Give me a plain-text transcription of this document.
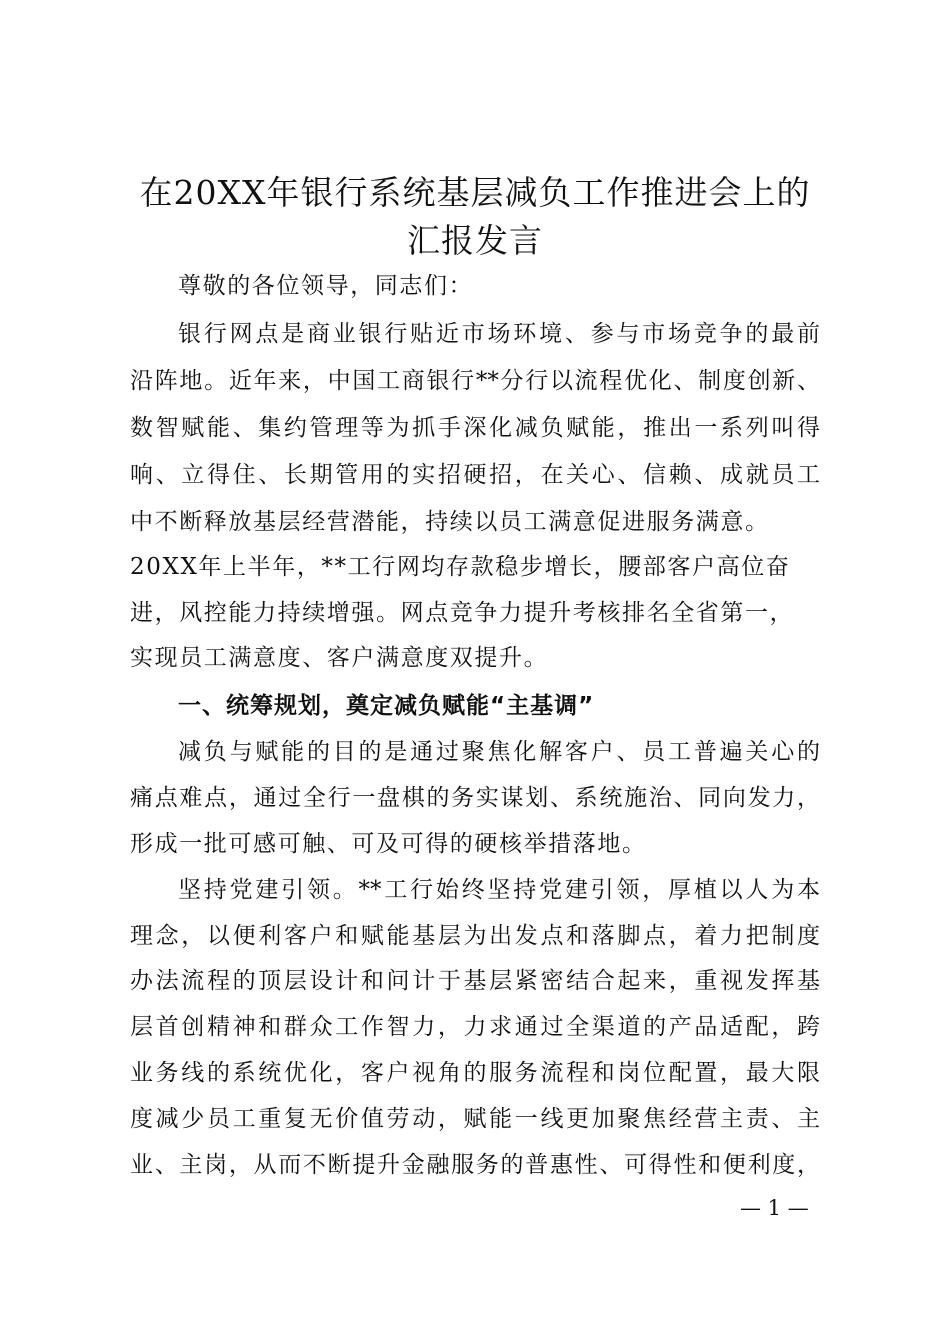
在20XX年银行系统基层减负工作推进会上的
汇报发言
尊敬的各位领导，同志们：
银行网点是商业银行贴近市场环境、参与市场竞争的最前
沿阵地。近年来，中国工商银行**分行以流程优化、制度创新、
数智赋能、集约管理等为抓手深化减负赋能，推出一系列叫得
响、立得住、长期管用的实招硬招，在关心、信赖、成就员工
中不断释放基层经营潜能，持续以员工满意促进服务满意。
20XX年上半年，**工行网均存款稳步增长，腰部客户高位奋
进，风控能力持续增强。网点竞争力提升考核排名全省第一，
实现员工满意度、客户满意度双提升。
一、统筹规划，奠定减负赋能“主基调”
减负与赋能的目的是通过聚焦化解客户、员工普遍关心的
痛点难点，通过全行一盘棋的务实谋划、系统施治、同向发力，
形成一批可感可触、可及可得的硬核举措落地。
坚持党建引领。**工行始终坚持党建引领，厚植以人为本
理念，以便利客户和赋能基层为出发点和落脚点，着力把制度
办法流程的顶层设计和问计于基层紧密结合起来，重视发挥基
层首创精神和群众工作智力，力求通过全渠道的产品适配，跨
业务线的系统优化，客户视角的服务流程和岗位配置，最大限
度减少员工重复无价值劳动，赋能一线更加聚焦经营主责、主
业、主岗，从而不断提升金融服务的普惠性、可得性和便利度，
— 1 —
